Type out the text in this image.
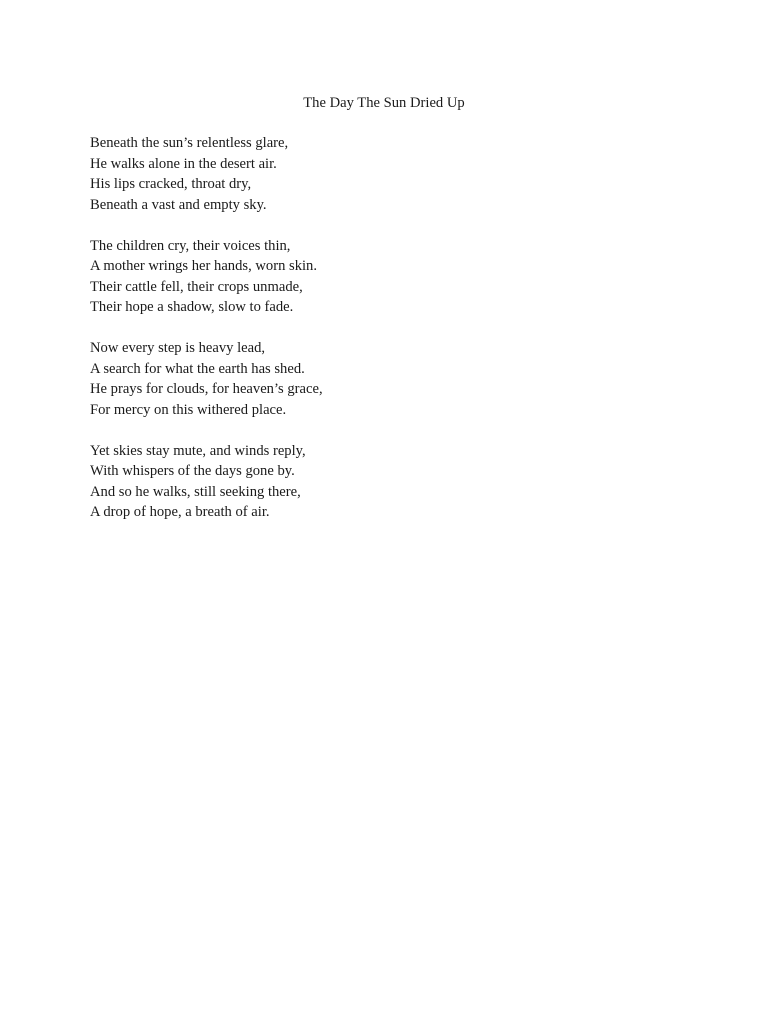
The Day The Sun Dried Up
Beneath the sun’s relentless glare,
He walks alone in the desert air.
His lips cracked, throat dry,
Beneath a vast and empty sky.
The children cry, their voices thin,
A mother wrings her hands, worn skin.
Their cattle fell, their crops unmade,
Their hope a shadow, slow to fade.
Now every step is heavy lead,
A search for what the earth has shed.
He prays for clouds, for heaven’s grace,
For mercy on this withered place.
Yet skies stay mute, and winds reply,
With whispers of the days gone by.
And so he walks, still seeking there,
A drop of hope, a breath of air.
